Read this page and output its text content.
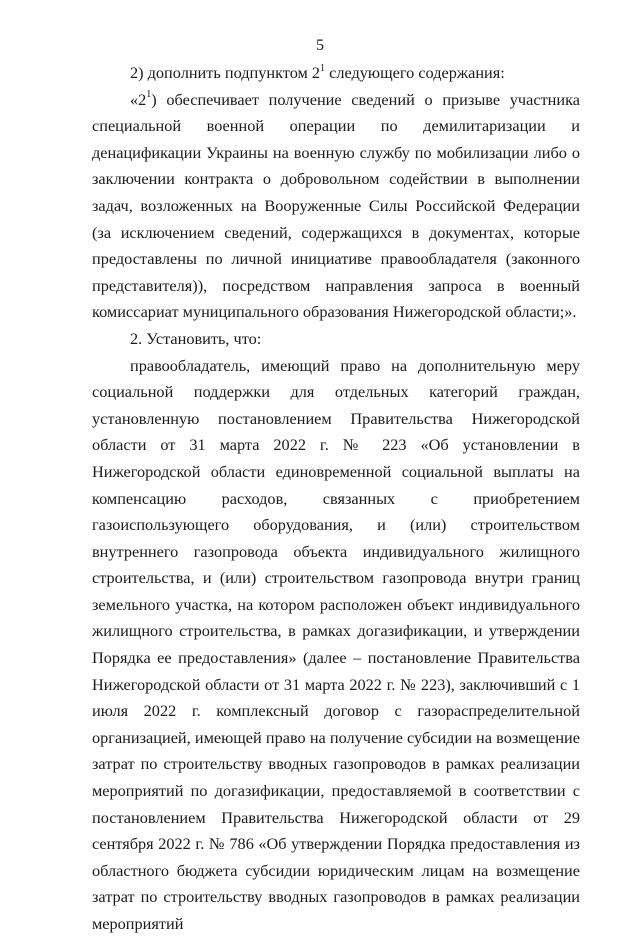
5

2) дополнить подпунктом $2^1$ следующего содержания:

«$2^1$) обеспечивает получение сведений о призыве участника специальной военной операции по демилитаризации и денацификации Украины на военную службу по мобилизации либо о заключении контракта о добровольном содействии в выполнении задач, возложенных на Вооруженные Силы Российской Федерации (за исключением сведений, содержащихся в документах, которые предоставлены по личной инициативе правообладателя (законного представителя)), посредством направления запроса в военный комиссариат муниципального образования Нижегородской области;».

2. Установить, что:

правообладатель, имеющий право на дополнительную меру социальной поддержки для отдельных категорий граждан, установленную постановлением Правительства Нижегородской области от 31 марта 2022 г. № 223 «Об установлении в Нижегородской области единовременной социальной выплаты на компенсацию расходов, связанных с приобретением газоиспользующего оборудования, и (или) строительством внутреннего газопровода объекта индивидуального жилищного строительства, и (или) строительством газопровода внутри границ земельного участка, на котором расположен объект индивидуального жилищного строительства, в рамках догазификации, и утверждении Порядка ее предоставления» (далее – постановление Правительства Нижегородской области от 31 марта 2022 г. № 223), заключивший с 1 июля 2022 г. комплексный договор с газораспределительной организацией, имеющей право на получение субсидии на возмещение затрат по строительству вводных газопроводов в рамках реализации мероприятий по догазификации, предоставляемой в соответствии с постановлением Правительства Нижегородской области от 29 сентября 2022 г. № 786 «Об утверждении Порядка предоставления из областного бюджета субсидии юридическим лицам на возмещение затрат по строительству вводных газопроводов в рамках реализации мероприятий
